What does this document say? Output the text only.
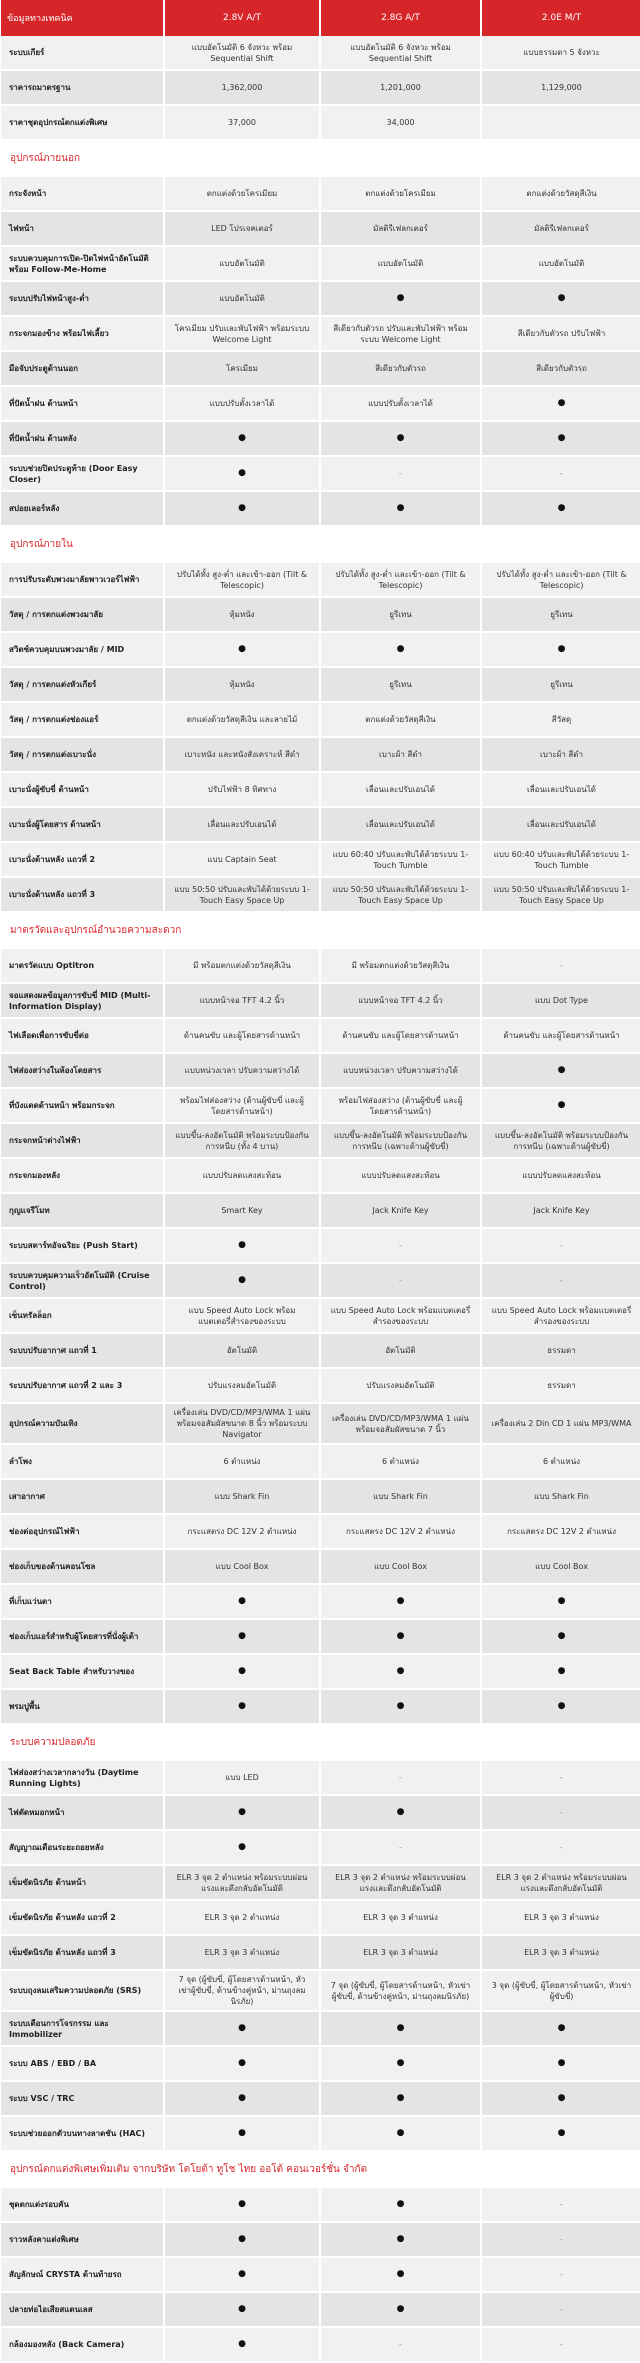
ข้อมูลทางเทคนิค	2.8V A/T	2.8G A/T	2.0E M/T
ระบบเกียร์	แบบอัตโนมัติ 6 จังหวะ พร้อม Sequential Shift	แบบอัตโนมัติ 6 จังหวะ พร้อม Sequential Shift	แบบธรรมดา 5 จังหวะ
ราคารถมาตรฐาน	1,362,000	1,201,000	1,129,000
ราคาชุดอุปกรณ์ตกแต่งพิเศษ	37,000	34,000	
อุปกรณ์ภายนอก			
กระจังหน้า	ตกแต่งด้วยโครเมียม	ตกแต่งด้วยโครเมียม	ตกแต่งด้วยวัสดุสีเงิน
ไฟหน้า	LED โปรเจคเตอร์	มัลติรีเฟลกเตอร์	มัลติรีเฟลกเตอร์
ระบบควบคุมการเปิด-ปิดไฟหน้าอัตโนมัติ พร้อม Follow-Me-Home	แบบอัตโนมัติ	แบบอัตโนมัติ	แบบอัตโนมัติ
ระบบปรับไฟหน้าสูง-ต่ำ	แบบอัตโนมัติ	●	●
กระจกมองข้าง พร้อมไฟเลี้ยว	โครเมียม ปรับและพับไฟฟ้า พร้อมระบบ Welcome Light	สีเดียวกับตัวรถ ปรับและพับไฟฟ้า พร้อมระบบ Welcome Light	สีเดียวกับตัวรถ ปรับไฟฟ้า
มือจับประตูด้านนอก	โครเมียม	สีเดียวกับตัวรถ	สีเดียวกับตัวรถ
ที่ปัดน้ำฝน ด้านหน้า	แบบปรับตั้งเวลาได้	แบบปรับตั้งเวลาได้	●
ที่ปัดน้ำฝน ด้านหลัง	●	●	●
ระบบช่วยปิดประตูท้าย (Door Easy Closer)	●	-	-
สปอยเลอร์หลัง	●	●	●
อุปกรณ์ภายใน			
การปรับระดับพวงมาลัยพาวเวอร์ไฟฟ้า	ปรับได้ทั้ง สูง-ต่ำ และเข้า-ออก (Tilt & Telescopic)	ปรับได้ทั้ง สูง-ต่ำ และเข้า-ออก (Tilt & Telescopic)	ปรับได้ทั้ง สูง-ต่ำ และเข้า-ออก (Tilt & Telescopic)
วัสดุ / การตกแต่งพวงมาลัย	หุ้มหนัง	ยูรีเทน	ยูรีเทน
สวิตซ์ควบคุมบนพวงมาลัย / MID	●	●	●
วัสดุ / การตกแต่งหัวเกียร์	หุ้มหนัง	ยูรีเทน	ยูรีเทน
วัสดุ / การตกแต่งช่องแอร์	ตกแต่งด้วยวัสดุสีเงิน และลายไม้	ตกแต่งด้วยวัสดุสีเงิน	สีวัสดุ
วัสดุ / การตกแต่งเบาะนั่ง	เบาะหนัง และหนังสังเคราะห์ สีดำ	เบาะผ้า สีดำ	เบาะผ้า สีดำ
เบาะนั่งผู้ขับขี่ ด้านหน้า	ปรับไฟฟ้า 8 ทิศทาง	เลื่อนและปรับเอนได้	เลื่อนและปรับเอนได้
เบาะนั่งผู้โดยสาร ด้านหน้า	เลื่อนและปรับเอนได้	เลื่อนและปรับเอนได้	เลื่อนและปรับเอนได้
เบาะนั่งด้านหลัง แถวที่ 2	แบบ Captain Seat	แบบ 60:40 ปรับและพับได้ด้วยระบบ 1-Touch Tumble	แบบ 60:40 ปรับและพับได้ด้วยระบบ 1-Touch Tumble
เบาะนั่งด้านหลัง แถวที่ 3	แบบ 50:50 ปรับและพับได้ด้วยระบบ 1-Touch Easy Space Up	แบบ 50:50 ปรับและพับได้ด้วยระบบ 1-Touch Easy Space Up	แบบ 50:50 ปรับและพับได้ด้วยระบบ 1-Touch Easy Space Up
มาตรวัดและอุปกรณ์อำนวยความสะดวก			
มาตรวัดแบบ Optitron	มี พร้อมตกแต่งด้วยวัสดุสีเงิน	มี พร้อมตกแต่งด้วยวัสดุสีเงิน	-
จอแสดงผลข้อมูลการขับขี่ MID (Multi-Information Display)	แบบหน้าจอ TFT 4.2 นิ้ว	แบบหน้าจอ TFT 4.2 นิ้ว	แบบ Dot Type
ไฟเลือดเพื่อการขับขี่ต่อ	ด้านคนขับ และผู้โดยสารด้านหน้า	ด้านคนขับ และผู้โดยสารด้านหน้า	ด้านคนขับ และผู้โดยสารด้านหน้า
ไฟส่องสว่างในห้องโดยสาร	แบบหน่วงเวลา ปรับความสว่างได้	แบบหน่วงเวลา ปรับความสว่างได้	●
ที่บังแดดด้านหน้า พร้อมกระจก	พร้อมไฟส่องสว่าง (ด้านผู้ขับขี่ และผู้โดยสารด้านหน้า)	พร้อมไฟส่องสว่าง (ด้านผู้ขับขี่ และผู้โดยสารด้านหน้า)	●
กระจกหน้าต่างไฟฟ้า	แบบขึ้น-ลงอัตโนมัติ พร้อมระบบป้องกันการหนีบ (ทั้ง 4 บาน)	แบบขึ้น-ลงอัตโนมัติ พร้อมระบบป้องกันการหนีบ (เฉพาะด้านผู้ขับขี่)	แบบขึ้น-ลงอัตโนมัติ พร้อมระบบป้องกันการหนีบ (เฉพาะด้านผู้ขับขี่)
กระจกมองหลัง	แบบปรับลดแสงสะท้อน	แบบปรับลดแสงสะท้อน	แบบปรับลดแสงสะท้อน
กุญแจรีโมท	Smart Key	Jack Knife Key	Jack Knife Key
ระบบสตาร์ทอัจฉริยะ (Push Start)	●	-	-
ระบบควบคุมความเร็วอัตโนมัติ (Cruise Control)	●	-	-
เซ็นทรัลล็อก	แบบ Speed Auto Lock พร้อมแบตเตอรี่สำรองของระบบ	แบบ Speed Auto Lock พร้อมแบตเตอรี่สำรองของระบบ	แบบ Speed Auto Lock พร้อมแบตเตอรี่สำรองของระบบ
ระบบปรับอากาศ แถวที่ 1	อัตโนมัติ	อัตโนมัติ	ธรรมดา
ระบบปรับอากาศ แถวที่ 2 และ 3	ปรับแรงลมอัตโนมัติ	ปรับแรงลมอัตโนมัติ	ธรรมดา
อุปกรณ์ความบันเทิง	เครื่องเล่น DVD/CD/MP3/WMA 1 แผ่น พร้อมจอสัมผัสขนาด 8 นิ้ว พร้อมระบบ Navigator	เครื่องเล่น DVD/CD/MP3/WMA 1 แผ่น พร้อมจอสัมผัสขนาด 7 นิ้ว	เครื่องเล่น 2 Din CD 1 แผ่น MP3/WMA
ลำโพง	6 ตำแหน่ง	6 ตำแหน่ง	6 ตำแหน่ง
เสาอากาศ	แบบ Shark Fin	แบบ Shark Fin	แบบ Shark Fin
ช่องต่ออุปกรณ์ไฟฟ้า	กระแสตรง DC 12V 2 ตำแหน่ง	กระแสตรง DC 12V 2 ตำแหน่ง	กระแสตรง DC 12V 2 ตำแหน่ง
ช่องเก็บของด้านคอนโซล	แบบ Cool Box	แบบ Cool Box	แบบ Cool Box
ที่เก็บแว่นตา	●	●	●
ช่องเก็บแอร์สำหรับผู้โดยสารที่นั่งผู้เต้า	●	●	●
Seat Back Table สำหรับวางของ	●	●	●
พรมปูพื้น	●	●	●
ระบบความปลอดภัย			
ไฟส่องสว่างเวลากลางวัน (Daytime Running Lights)	แบบ LED	-	-
ไฟตัดหมอกหน้า	●	●	-
สัญญาณเตือนระยะถอยหลัง	●	-	-
เข็มขัดนิรภัย ด้านหน้า	ELR 3 จุด 2 ตำแหน่ง พร้อมระบบผ่อนแรงและดึงกลับอัตโนมัติ	ELR 3 จุด 2 ตำแหน่ง พร้อมระบบผ่อนแรงและดึงกลับอัตโนมัติ	ELR 3 จุด 2 ตำแหน่ง พร้อมระบบผ่อนแรงและดึงกลับอัตโนมัติ
เข็มขัดนิรภัย ด้านหลัง แถวที่ 2	ELR 3 จุด 2 ตำแหน่ง	ELR 3 จุด 3 ตำแหน่ง	ELR 3 จุด 3 ตำแหน่ง
เข็มขัดนิรภัย ด้านหลัง แถวที่ 3	ELR 3 จุด 3 ตำแหน่ง	ELR 3 จุด 3 ตำแหน่ง	ELR 3 จุด 3 ตำแหน่ง
ระบบถุงลมเสริมความปลอดภัย (SRS)	7 จุด (ผู้ขับขี่, ผู้โดยสารด้านหน้า, หัวเข่าผู้ขับขี่, ด้านข้างคู่หน้า, ม่านถุงลมนิรภัย)	7 จุด (ผู้ขับขี่, ผู้โดยสารด้านหน้า, หัวเข่าผู้ขับขี่, ด้านข้างคู่หน้า, ม่านถุงลมนิรภัย)	3 จุด (ผู้ขับขี่, ผู้โดยสารด้านหน้า, หัวเข่าผู้ขับขี่)
ระบบเตือนการโจรกรรม และ Immobilizer	●	●	●
ระบบ ABS / EBD / BA	●	●	●
ระบบ VSC / TRC	●	●	●
ระบบช่วยออกตัวบนทางลาดชัน (HAC)	●	●	●
อุปกรณ์ตกแต่งพิเศษเพิ่มเติม จากบริษัท โตโยต้า ทูโช ไทย ออโต้ คอนเวอร์ชั่น จำกัด			
ชุดตกแต่งรอบคัน	●	●	-
ราวหลังคาแต่งพิเศษ	●	●	-
สัญลักษณ์ CRYSTA ด้านท้ายรถ	●	●	-
ปลายท่อไอเสียสแตนเลส	●	●	-
กล้องมองหลัง (Back Camera)	●	-	-
